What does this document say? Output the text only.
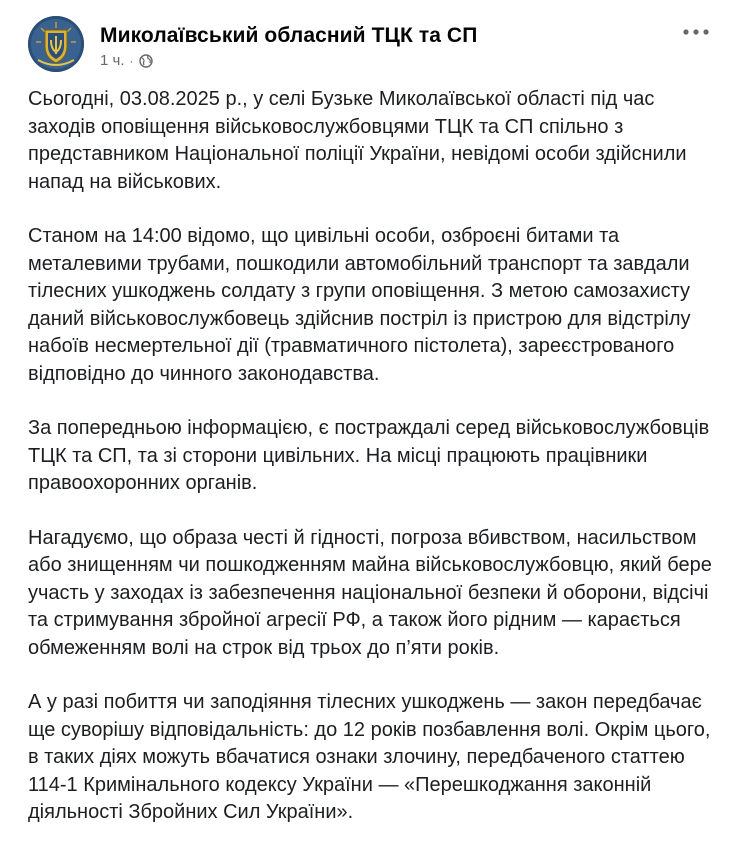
Миколаївський обласний ТЦК та СП
1 ч. ·

Сьогодні, 03.08.2025 р., у селі Бузьке Миколаївської області під час заходів оповіщення військовослужбовцями ТЦК та СП спільно з представником Національної поліції України, невідомі особи здійснили напад на військових.

Станом на 14:00 відомо, що цивільні особи, озброєні битами та металевими трубами, пошкодили автомобільний транспорт та завдали тілесних ушкоджень солдату з групи оповіщення. З метою самозахисту даний військовослужбовець здійснив постріл із пристрою для відстрілу набоїв несмертельної дії (травматичного пістолета), зареєстрованого відповідно до чинного законодавства.

За попередньою інформацією, є постраждалі серед військовослужбовців ТЦК та СП, та зі сторони цивільних. На місці працюють працівники правоохоронних органів.

Нагадуємо, що образа честі й гідності, погроза вбивством, насильством або знищенням чи пошкодженням майна військовослужбовцю, який бере участь у заходах із забезпечення національної безпеки й оборони, відсічі та стримування збройної агресії РФ, а також його рідним — карається обмеженням волі на строк від трьох до п’яти років.

А у разі побиття чи заподіяння тілесних ушкоджень — закон передбачає ще суворішу відповідальність: до 12 років позбавлення волі. Окрім цього, в таких діях можуть вбачатися ознаки злочину, передбаченого статтею 114-1 Кримінального кодексу України — «Перешкоджання законній діяльності Збройних Сил України».
